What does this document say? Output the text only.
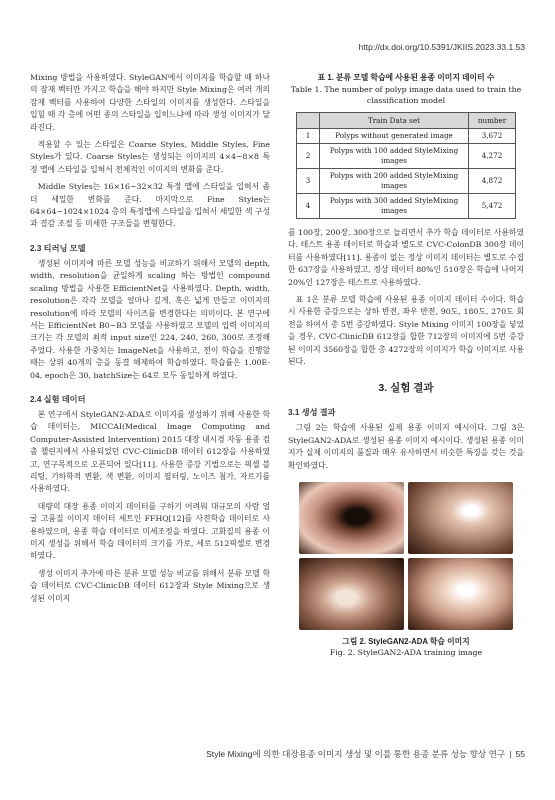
http://dx.doi.org/10.5391/JKIIS.2023.33.1.53

Mixing 방법을 사용하였다. StyleGAN에서 이미지를 학습할 때 하나의 잠재 벡터만 가지고 학습을 해야 하지만 Style Mixing은 여러 개의 잠재 벡터를 사용하여 다양한 스타일의 이미지를 생성한다. 스타일을 입힐 때 각 층에 어떤 종의 스타일을 입히느냐에 따라 생성 이미지가 달라진다.

적용할 수 있는 스타일은 Coarse Styles, Middle Styles, Fine Styles가 있다. Coarse Styles는 생성되는 이미지의 4×4~8×8 특정 맵에 스타일을 입혀서 전체적인 이미지의 변화를 준다.

Middle Styles는 16×16~32×32 특정 맵에 스타일을 입혀서 좀 더 세밀한 변화를 준다. 마지막으로 Fine Styles는 64×64~1024×1024 층의 특정맵에 스타일을 입혀서 세밀한 색 구성과 결감 조절 등 미세한 구조들을 변형한다.

2.3 티러닝 모델

생성된 이미지에 따른 모델 성능을 비교하기 위해서 모델의 depth, width, resolution을 균일하게 scaling 하는 방법인 compound scaling 방법을 사용한 EfficientNet을 사용하였다. Depth, width, resolution은 각각 모델을 얼마나 깊게, 혹은 넓게 만들고 이미지의 resolution에 따라 모델의 사이즈를 변경한다는 의미이다. 본 연구에서는 EfficientNet B0~B3 모델을 사용하였고 모델의 입력 이미지의 크기는 각 모델의 최적 input size인 224, 240, 260, 300로 조정해 주었다. 사용한 가중치는 ImageNet을 사용하고, 전이 학습을 진행할 때는 상위 40개의 층을 동결 해제하여 학습하였다. 학습률은 1.00E-04, epoch은 30, batchSize는 64로 모두 동일하게 하였다.

2.4 실험 데이터

본 연구에서 StyleGAN2-ADA로 이미지를 생성하기 위해 사용한 학습 데이터는, MICCAI(Medical Image Computing and Computer-Assisted Intervention) 2015 대장 내시경 자동 용종 검출 챌린지에서 사용되었던 CVC-ClinicDB 데이터 612장을 사용하였고, 연구목적으로 오픈되어 있다[11]. 사용한 증강 기법으로는 픽셀 블리팅, 기하학적 변환, 색 변환, 이미지 필터링, 노이즈 첨가, 자르기를 사용하였다.

대량의 대장 용종 이미지 데이터를 구하기 어려워 대규모의 사람 얼굴 고품질 이미지 데이터 세트인 FFHQ[12]를 사전학습 데이터로 사용하였으며, 용종 학습 데이터로 미세조정을 하였다. 고화질의 용종 이미지 생성을 위해서 학습 데이터의 크기를 가로, 세로 512픽셀로 변경하였다.

생성 이미지 추가에 따른 분류 모델 성능 비교를 위해서 분류 모델 학습 데이터로 CVC-ClinicDB 데이터 612장과 Style Mixing으로 생성된 이미지

표 1. 분류 모델 학습에 사용된 용종 이미지 데이터 수
Table 1. The number of polyp image data used to train the classification model
	Train Data set	number
1	Polyps without generated image	3,672
2	Polyps with 100 added StyleMixing images	4,272
3	Polyps with 200 added StyleMixing images	4,872
4	Polyps with 300 added StyleMixing images	5,472

를 100장, 200장, 300장으로 늘리면서 추가 학습 데이터로 사용하였다. 테스트 용종 데이터로 학습과 별도로 CVC-ColonDB 300장 데이터를 사용하였다[11]. 용종이 없는 정상 이미지 데이터는 별도로 수집한 637장을 사용하였고, 정상 데이터 80%인 510장은 학습에 나머지 20%인 127장은 테스트로 사용하였다.

표 1은 분류 모델 학습에 사용된 용종 이미지 데이터 수이다. 학습 시 사용한 증강으로는 상하 반전, 좌우 반전, 90도, 180도, 270도 회전을 하여서 총 5번 증강하였다. Style Mixing 이미지 100장을 넣었을 경우, CVC-ClinicDB 612장을 합한 712장의 이미지에 5번 증강된 이미지 3560장을 합한 총 4272장의 이미지가 학습 이미지로 사용된다.

3. 실험 결과
3.1 생성 결과

그림 2는 학습에 사용된 실제 용종 이미지 예시이다. 그림 3은 StyleGAN2-ADA로 생성된 용종 이미지 예시이다. 생성된 용종 이미지가 실제 이미지의 품질과 매우 유사하면서 비슷한 특징을 갖는 것을 확인하였다.

그림 2. StyleGAN2-ADA 학습 이미지
Fig. 2. StyleGAN2-ADA training image
Style Mixing에 의한 대장용종 이미지 생성 및 이를 통한 용종 분류 성능 향상 연구 | 55
